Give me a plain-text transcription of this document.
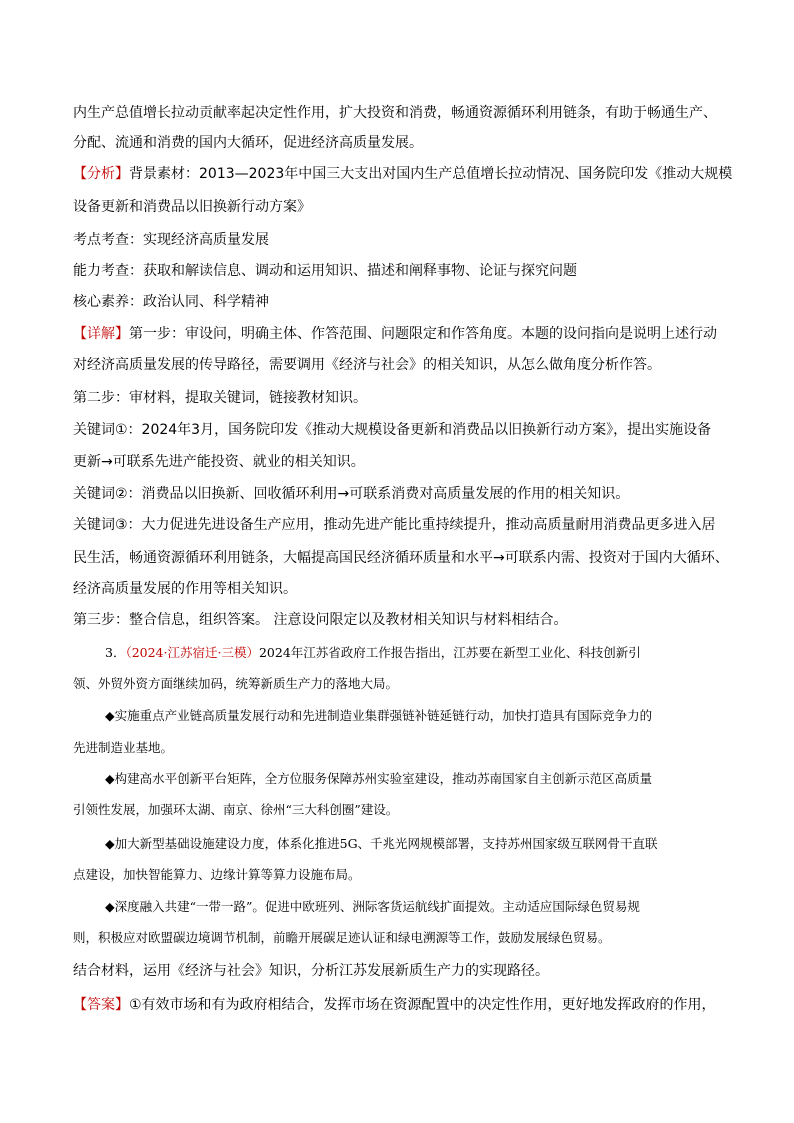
内生产总值增长拉动贡献率起决定性作用，扩大投资和消费，畅通资源循环利用链条，有助于畅通生产、
分配、流通和消费的国内大循环，促进经济高质量发展。
【分析】背景素材：2013—2023年中国三大支出对国内生产总值增长拉动情况、国务院印发《推动大规模
设备更新和消费品以旧换新行动方案》
考点考查：实现经济高质量发展
能力考查：获取和解读信息、调动和运用知识、描述和阐释事物、论证与探究问题
核心素养：政治认同、科学精神
【详解】第一步：审设问，明确主体、作答范围、问题限定和作答角度。本题的设问指向是说明上述行动
对经济高质量发展的传导路径，需要调用《经济与社会》的相关知识，从怎么做角度分析作答。
第二步：审材料，提取关键词，链接教材知识。
关键词①：2024年3月，国务院印发《推动大规模设备更新和消费品以旧换新行动方案》，提出实施设备
更新→可联系先进产能投资、就业的相关知识。
关键词②：消费品以旧换新、回收循环利用→可联系消费对高质量发展的作用的相关知识。
关键词③：大力促进先进设备生产应用，推动先进产能比重持续提升，推动高质量耐用消费品更多进入居
民生活，畅通资源循环利用链条，大幅提高国民经济循环质量和水平→可联系内需、投资对于国内大循环、
经济高质量发展的作用等相关知识。
第三步：整合信息，组织答案。 注意设问限定以及教材相关知识与材料相结合。
3．（2024·江苏宿迁·三模）2024年江苏省政府工作报告指出，江苏要在新型工业化、科技创新引
领、外贸外资方面继续加码，统筹新质生产力的落地大局。
◆实施重点产业链高质量发展行动和先进制造业集群强链补链延链行动，加快打造具有国际竞争力的
先进制造业基地。
◆构建高水平创新平台矩阵，全方位服务保障苏州实验室建设，推动苏南国家自主创新示范区高质量
引领性发展，加强环太湖、南京、徐州“三大科创圈”建设。
◆加大新型基础设施建设力度，体系化推进5G、千兆光网规模部署，支持苏州国家级互联网骨干直联
点建设，加快智能算力、边缘计算等算力设施布局。
◆深度融入共建“一带一路”。促进中欧班列、洲际客货运航线扩面提效。主动适应国际绿色贸易规
则，积极应对欧盟碳边境调节机制，前瞻开展碳足迹认证和绿电溯源等工作，鼓励发展绿色贸易。
结合材料，运用《经济与社会》知识，分析江苏发展新质生产力的实现路径。
【答案】①有效市场和有为政府相结合，发挥市场在资源配置中的决定性作用，更好地发挥政府的作用，
